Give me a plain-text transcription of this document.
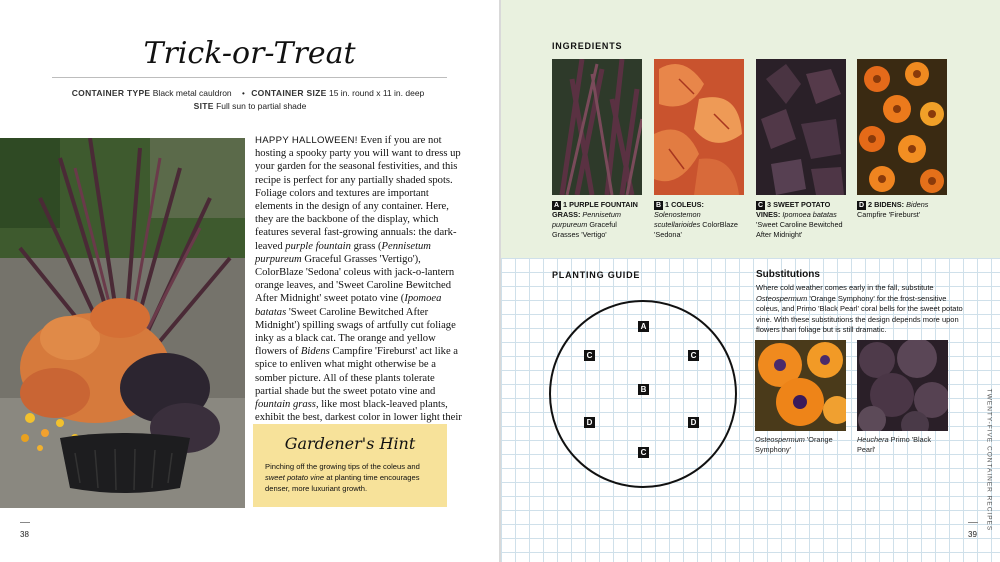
Trick-or-Treat
CONTAINER TYPE Black metal cauldron • CONTAINER SIZE 15 in. round x 11 in. deep
SITE Full sun to partial shade
HAPPY HALLOWEEN! Even if you are not hosting a spooky party you will want to dress up your garden for the seasonal festivities, and this recipe is perfect for any partially shaded spots. Foliage colors and textures are important elements in the design of any container. Here, they are the backbone of the display, which features several fast-growing annuals: the dark-leaved purple fountain grass (Pennisetum purpureum Graceful Grasses 'Vertigo'), ColorBlaze 'Sedona' coleus with jack-o-lantern orange leaves, and 'Sweet Caroline Bewitched After Midnight' sweet potato vine (Ipomoea batatas 'Sweet Caroline Bewitched After Midnight') spilling swags of artfully cut foliage inky as a black cat. The orange and yellow flowers of Bidens Campfire 'Fireburst' act like a spice to enliven what might otherwise be a somber picture. All of these plants tolerate partial shade but the sweet potato vine and fountain grass, like most black-leaved plants, exhibit the best, darkest color in lower light their
Gardener's Hint
Pinching off the growing tips of the coleus and sweet potato vine at planting time encourages denser, more luxuriant growth.
38
INGREDIENTS
A 1 PURPLE FOUNTAIN GRASS: Pennisetum purpureum Graceful Grasses 'Vertigo'
B 1 COLEUS: Solenostemon scutellarioides ColorBlaze 'Sedona'
C 3 SWEET POTATO VINES: Ipomoea batatas 'Sweet Caroline Bewitched After Midnight'
D 2 BIDENS: Bidens Campfire 'Fireburst'
PLANTING GUIDE
A
C	C
B
D	D
C
Substitutions
Where cold weather comes early in the fall, substitute Osteospermum 'Orange Symphony' for the frost-sensitive coleus, and Primo 'Black Pearl' coral bells for the sweet potato vine. With these substitutions the design depends more upon flowers than foliage but is still dramatic.
Osteospermum 'Orange Symphony'
Heuchera Primo 'Black Pearl'	TWENTY-FIVE CONTAINER RECIPES
39
